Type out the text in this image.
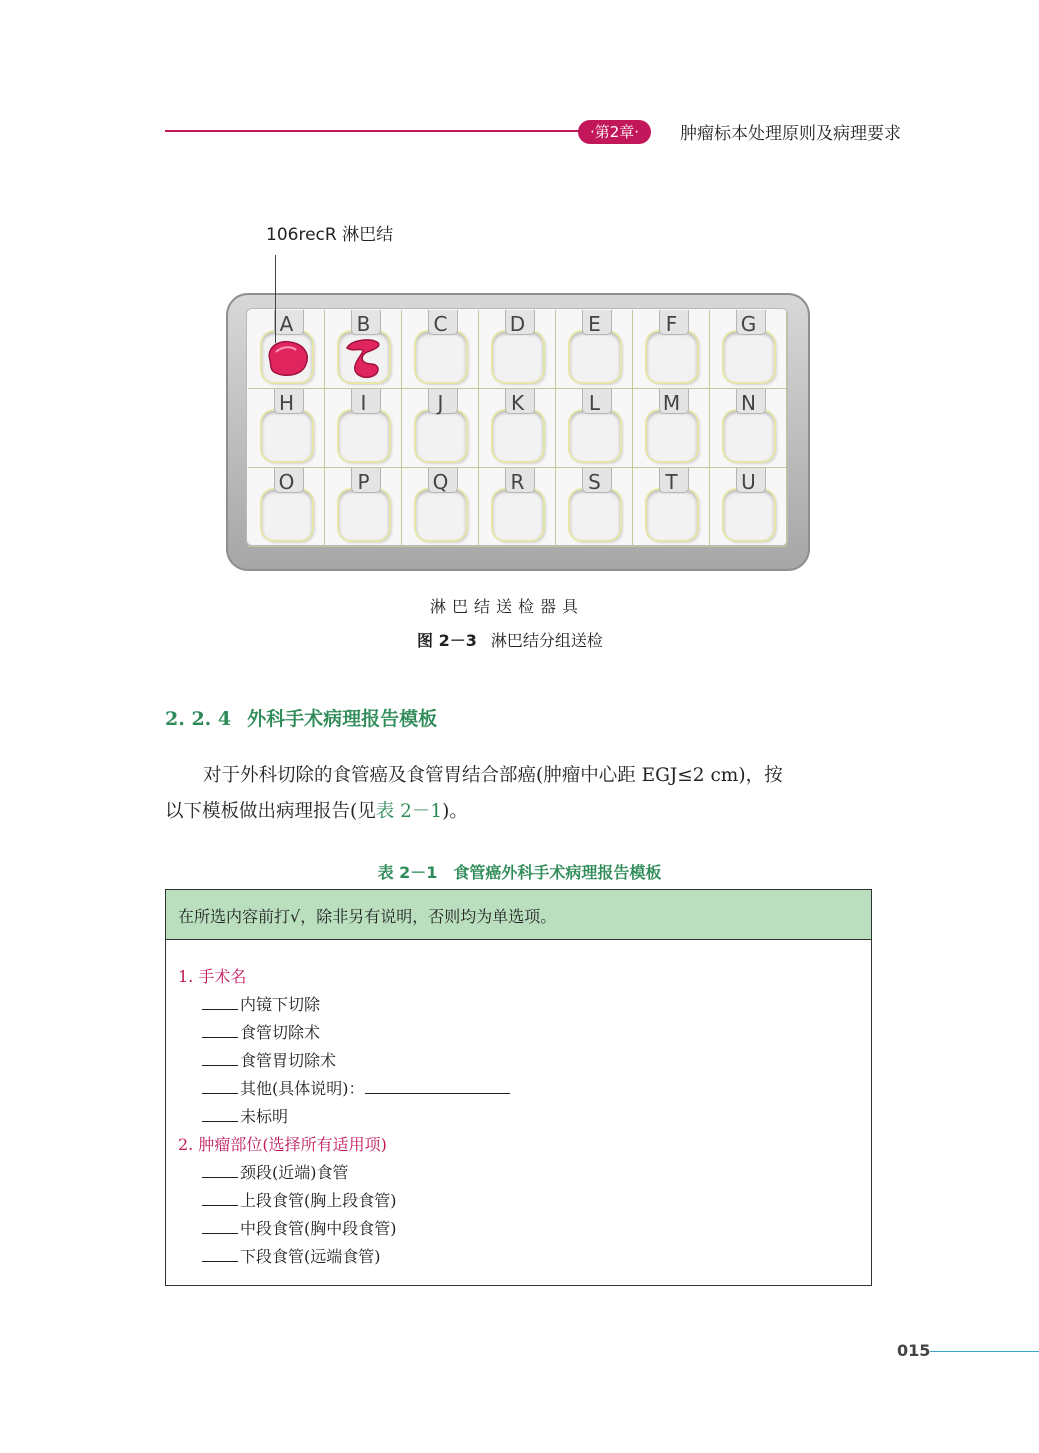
·第2章·	肿瘤标本处理原则及病理要求
106recR 淋巴结
A	B	C	D	E	F	G
H	I	J	K	L	M	N
O	P	Q	R	S	T	U
淋巴结送检器具
图 2－3 淋巴结分组送检
2. 2. 4 外科手术病理报告模板
对于外科切除的食管癌及食管胃结合部癌(肿瘤中心距 EGJ≤2 cm)，按
以下模板做出病理报告(见表 2－1)。
表 2－1　食管癌外科手术病理报告模板
在所选内容前打√，除非另有说明，否则均为单选项。
1. 手术名
内镜下切除
食管切除术
食管胃切除术
其他(具体说明)：
未标明
2. 肿瘤部位(选择所有适用项)
颈段(近端)食管
上段食管(胸上段食管)
中段食管(胸中段食管)
下段食管(远端食管)
015
